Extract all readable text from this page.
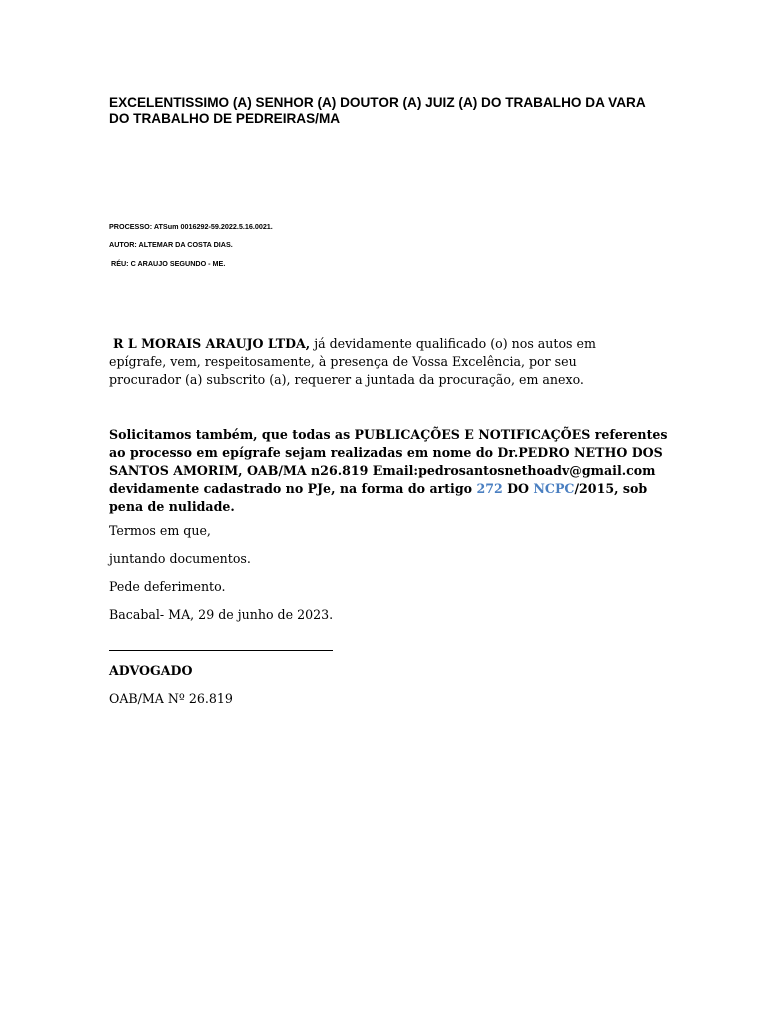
EXCELENTISSIMO (A) SENHOR (A) DOUTOR (A) JUIZ (A) DO TRABALHO DA VARA
DO TRABALHO DE PEDREIRAS/MA
PROCESSO: ATSum 0016292-59.2022.5.16.0021.
AUTOR: ALTEMAR DA COSTA DIAS.
RÉU: C ARAUJO SEGUNDO - ME.
R L MORAIS ARAUJO LTDA, já devidamente qualificado (o) nos autos em
epígrafe, vem, respeitosamente, à presença de Vossa Excelência, por seu
procurador (a) subscrito (a), requerer a juntada da procuração, em anexo.
Solicitamos também, que todas as PUBLICAÇÕES E NOTIFICAÇÕES referentes
ao processo em epígrafe sejam realizadas em nome do Dr.PEDRO NETHO DOS
SANTOS AMORIM, OAB/MA n26.819 Email:pedrosantosnethoadv@gmail.com
devidamente cadastrado no PJe, na forma do artigo 272 DO NCPC/2015, sob
pena de nulidade.
Termos em que,
juntando documentos.
Pede deferimento.
Bacabal- MA, 29 de junho de 2023.
ADVOGADO
OAB/MA Nº 26.819
